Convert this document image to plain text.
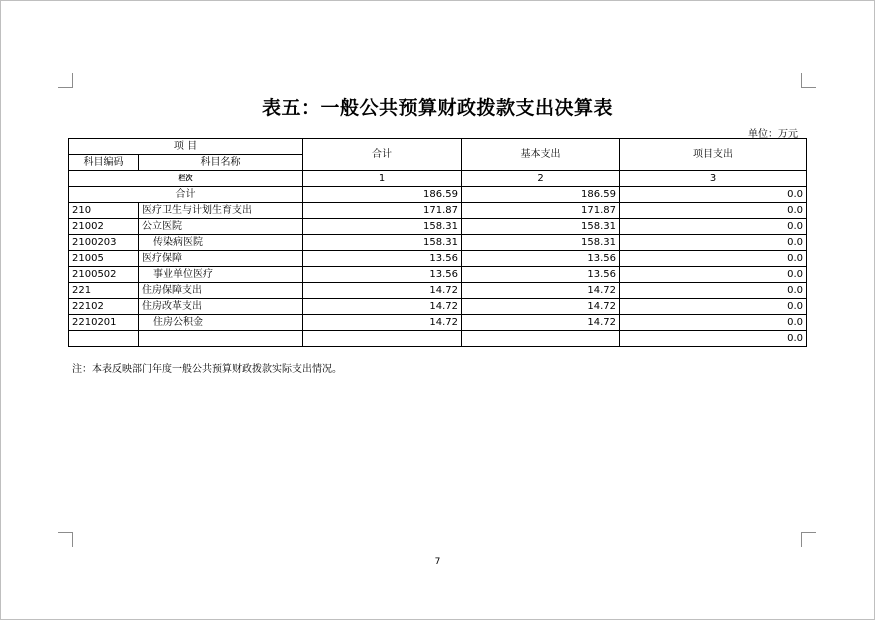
表五：一般公共预算财政拨款支出决算表
单位：万元
项 目		合计	基本支出	项目支出
科目编码	科目名称			
栏次		1	2	3
合计		186.59	186.59	0.0
210	医疗卫生与计划生育支出	171.87	171.87	0.0
21002	公立医院	158.31	158.31	0.0
2100203	传染病医院	158.31	158.31	0.0
21005	医疗保障	13.56	13.56	0.0
2100502	事业单位医疗	13.56	13.56	0.0
221	住房保障支出	14.72	14.72	0.0
22102	住房改革支出	14.72	14.72	0.0
2210201	住房公积金	14.72	14.72	0.0
				0.0
注：本表反映部门年度一般公共预算财政拨款实际支出情况。
7
